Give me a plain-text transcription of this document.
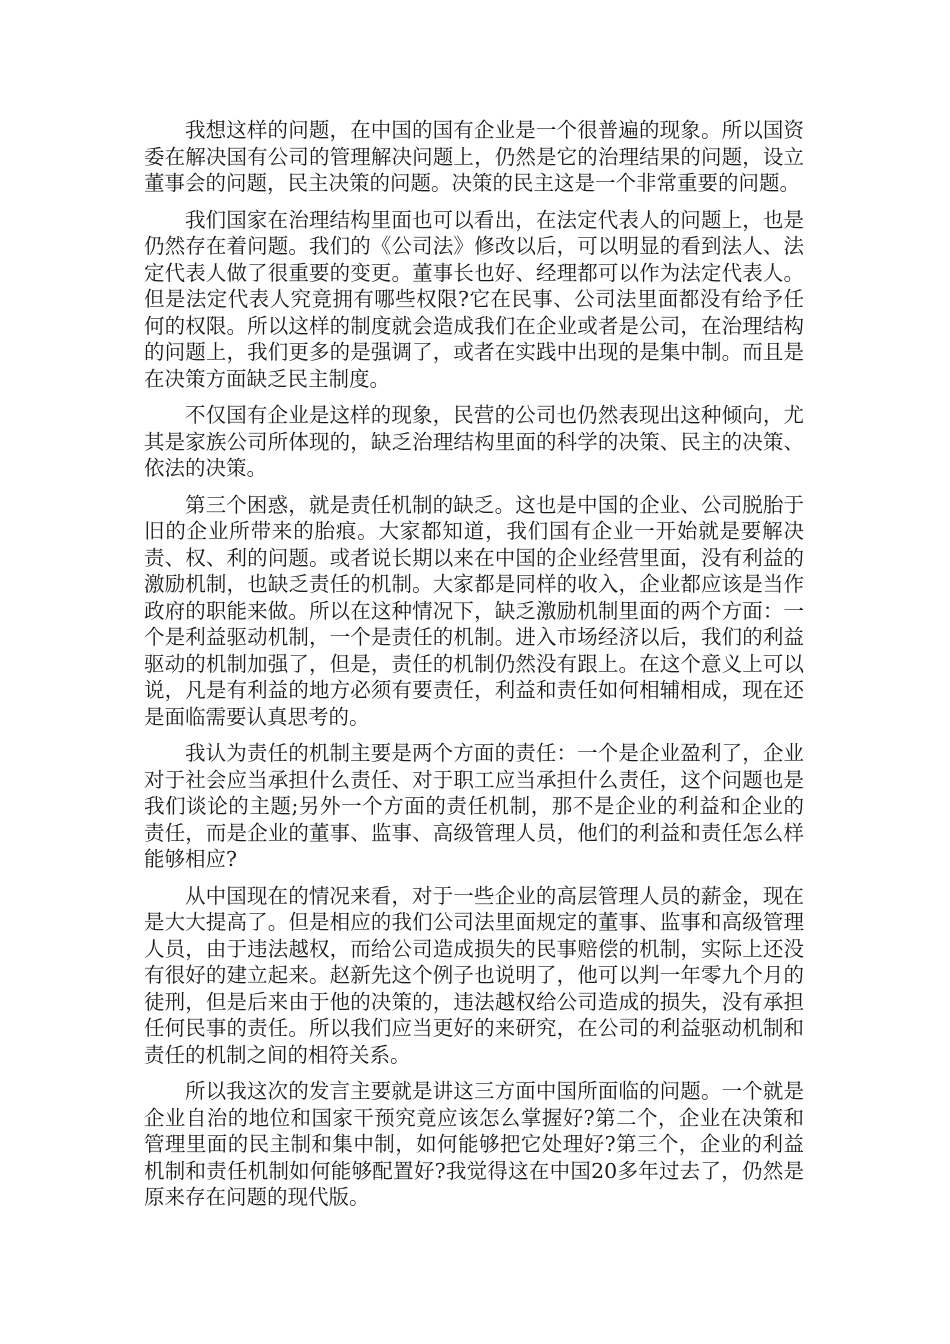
我想这样的问题，在中国的国有企业是一个很普遍的现象。所以国资委在解决国有公司的管理解决问题上，仍然是它的治理结果的问题，设立董事会的问题，民主决策的问题。决策的民主这是一个非常重要的问题。

我们国家在治理结构里面也可以看出，在法定代表人的问题上，也是仍然存在着问题。我们的《公司法》修改以后，可以明显的看到法人、法定代表人做了很重要的变更。董事长也好、经理都可以作为法定代表人。但是法定代表人究竟拥有哪些权限?它在民事、公司法里面都没有给予任何的权限。所以这样的制度就会造成我们在企业或者是公司，在治理结构的问题上，我们更多的是强调了，或者在实践中出现的是集中制。而且是在决策方面缺乏民主制度。

不仅国有企业是这样的现象，民营的公司也仍然表现出这种倾向，尤其是家族公司所体现的，缺乏治理结构里面的科学的决策、民主的决策、依法的决策。

第三个困惑，就是责任机制的缺乏。这也是中国的企业、公司脱胎于旧的企业所带来的胎痕。大家都知道，我们国有企业一开始就是要解决责、权、利的问题。或者说长期以来在中国的企业经营里面，没有利益的激励机制，也缺乏责任的机制。大家都是同样的收入，企业都应该是当作政府的职能来做。所以在这种情况下，缺乏激励机制里面的两个方面：一个是利益驱动机制，一个是责任的机制。进入市场经济以后，我们的利益驱动的机制加强了，但是，责任的机制仍然没有跟上。在这个意义上可以说，凡是有利益的地方必须有要责任，利益和责任如何相辅相成，现在还是面临需要认真思考的。

我认为责任的机制主要是两个方面的责任：一个是企业盈利了，企业对于社会应当承担什么责任、对于职工应当承担什么责任，这个问题也是我们谈论的主题;另外一个方面的责任机制，那不是企业的利益和企业的责任，而是企业的董事、监事、高级管理人员，他们的利益和责任怎么样能够相应?

从中国现在的情况来看，对于一些企业的高层管理人员的薪金，现在是大大提高了。但是相应的我们公司法里面规定的董事、监事和高级管理人员，由于违法越权，而给公司造成损失的民事赔偿的机制，实际上还没有很好的建立起来。赵新先这个例子也说明了，他可以判一年零九个月的徒刑，但是后来由于他的决策的，违法越权给公司造成的损失，没有承担任何民事的责任。所以我们应当更好的来研究，在公司的利益驱动机制和责任的机制之间的相符关系。

所以我这次的发言主要就是讲这三方面中国所面临的问题。一个就是企业自治的地位和国家干预究竟应该怎么掌握好?第二个，企业在决策和管理里面的民主制和集中制，如何能够把它处理好?第三个，企业的利益机制和责任机制如何能够配置好?我觉得这在中国20多年过去了，仍然是原来存在问题的现代版。
